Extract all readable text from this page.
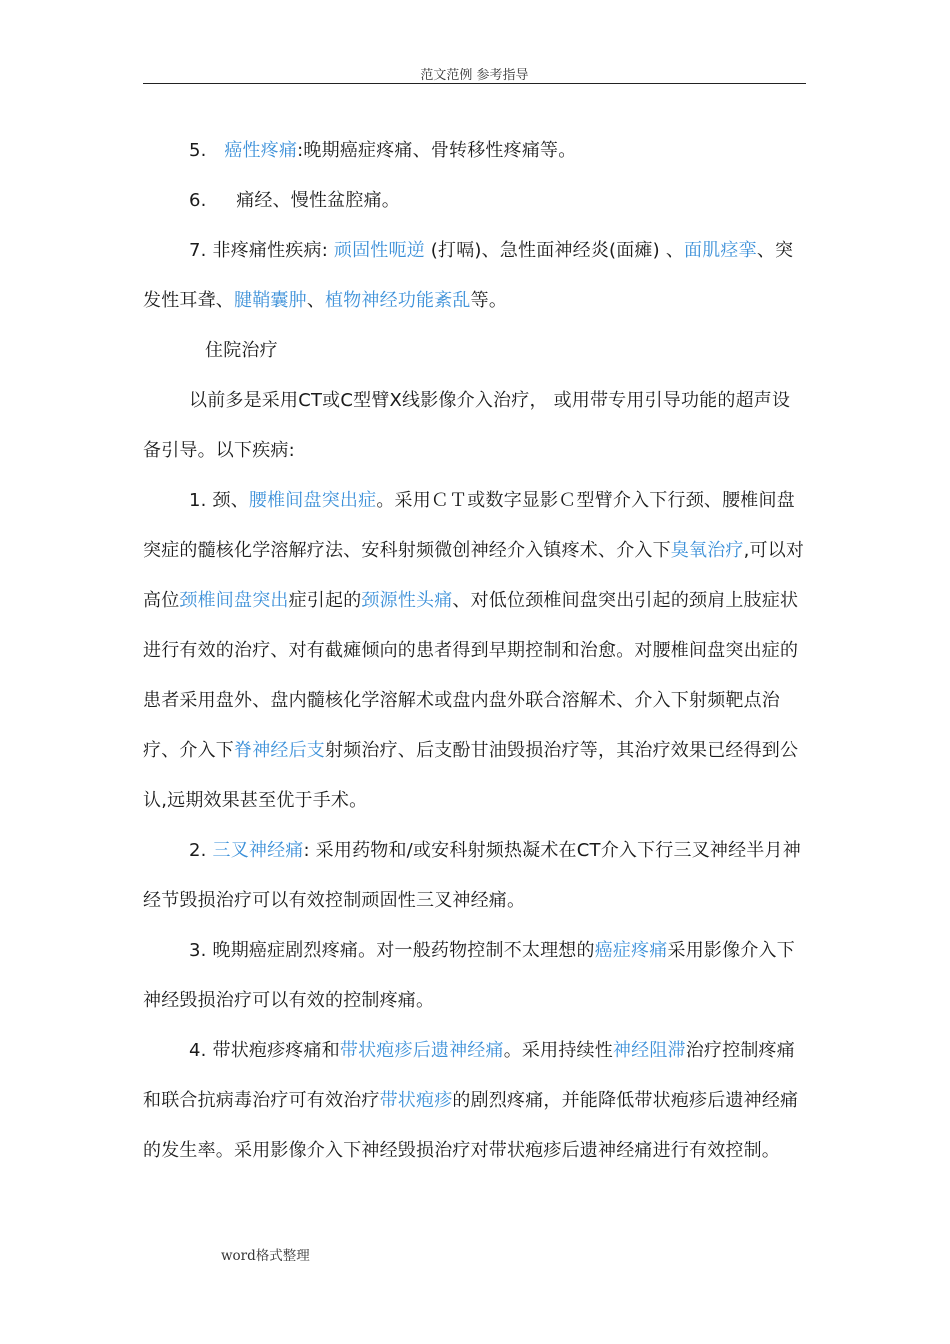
范文范例 参考指导

5. 癌性疼痛:晚期癌症疼痛、骨转移性疼痛等。

6. 痛经、慢性盆腔痛。

7. 非疼痛性疾病: 顽固性呃逆 (打嗝)、急性面神经炎(面瘫) 、面肌痉挛、突发性耳聋、腱鞘囊肿、植物神经功能紊乱等。

住院治疗

以前多是采用CT或C型臂X线影像介入治疗， 或用带专用引导功能的超声设备引导。以下疾病:

1. 颈、腰椎间盘突出症。采用ＣＴ或数字显影Ｃ型臂介入下行颈、腰椎间盘突症的髓核化学溶解疗法、安科射频微创神经介入镇疼术、介入下臭氧治疗,可以对高位颈椎间盘突出症引起的颈源性头痛、对低位颈椎间盘突出引起的颈肩上肢症状进行有效的治疗、对有截瘫倾向的患者得到早期控制和治愈。对腰椎间盘突出症的患者采用盘外、盘内髓核化学溶解术或盘内盘外联合溶解术、介入下射频靶点治疗、介入下脊神经后支射频治疗、后支酚甘油毁损治疗等，其治疗效果已经得到公认,远期效果甚至优于手术。

2. 三叉神经痛: 采用药物和/或安科射频热凝术在CT介入下行三叉神经半月神经节毁损治疗可以有效控制顽固性三叉神经痛。

3. 晚期癌症剧烈疼痛。对一般药物控制不太理想的癌症疼痛采用影像介入下神经毁损治疗可以有效的控制疼痛。

4. 带状疱疹疼痛和带状疱疹后遗神经痛。采用持续性神经阻滞治疗控制疼痛和联合抗病毒治疗可有效治疗带状疱疹的剧烈疼痛，并能降低带状疱疹后遗神经痛的发生率。采用影像介入下神经毁损治疗对带状疱疹后遗神经痛进行有效控制。

word格式整理
